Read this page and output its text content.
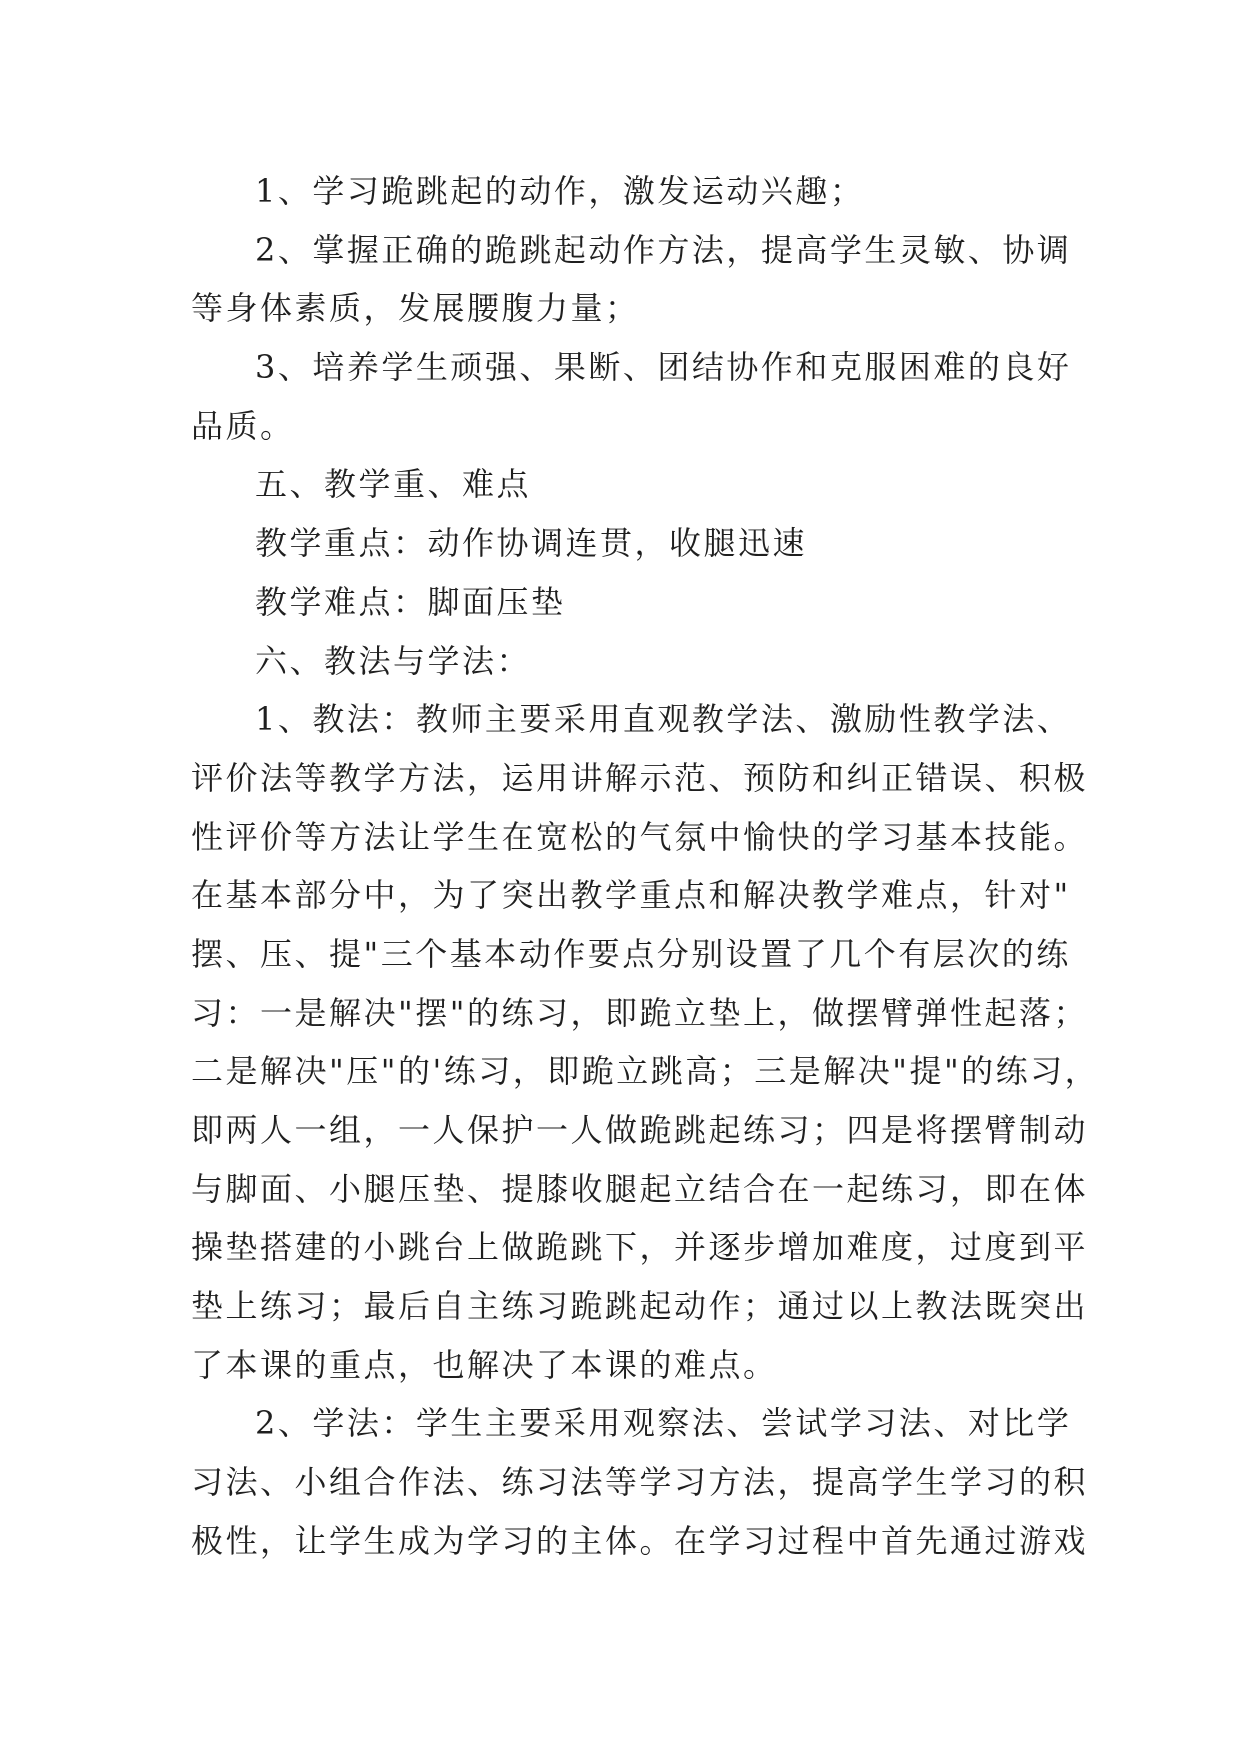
1、学习跪跳起的动作，激发运动兴趣；
2、掌握正确的跪跳起动作方法，提高学生灵敏、协调
等身体素质，发展腰腹力量；
3、培养学生顽强、果断、团结协作和克服困难的良好
品质。
五、教学重、难点
教学重点：动作协调连贯，收腿迅速
教学难点：脚面压垫
六、教法与学法：
1、教法：教师主要采用直观教学法、激励性教学法、
评价法等教学方法，运用讲解示范、预防和纠正错误、积极
性评价等方法让学生在宽松的气氛中愉快的学习基本技能。
在基本部分中，为了突出教学重点和解决教学难点，针对"
摆、压、提"三个基本动作要点分别设置了几个有层次的练
习：一是解决"摆"的练习，即跪立垫上，做摆臂弹性起落；
二是解决"压"的'练习，即跪立跳高；三是解决"提"的练习，
即两人一组，一人保护一人做跪跳起练习；四是将摆臂制动
与脚面、小腿压垫、提膝收腿起立结合在一起练习，即在体
操垫搭建的小跳台上做跪跳下，并逐步增加难度，过度到平
垫上练习；最后自主练习跪跳起动作；通过以上教法既突出
了本课的重点，也解决了本课的难点。
2、学法：学生主要采用观察法、尝试学习法、对比学
习法、小组合作法、练习法等学习方法，提高学生学习的积
极性，让学生成为学习的主体。在学习过程中首先通过游戏
